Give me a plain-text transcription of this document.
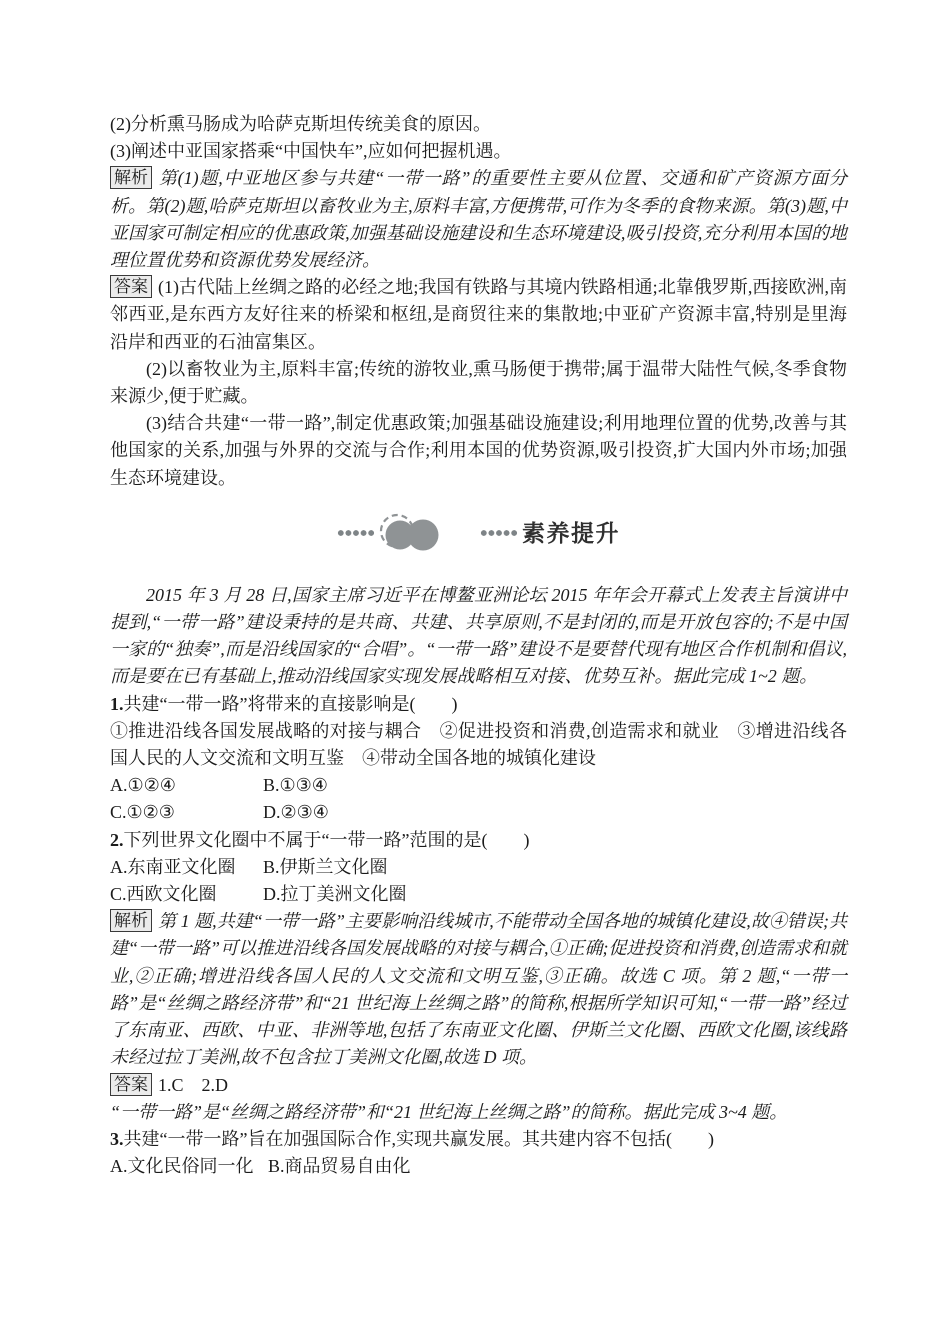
(2)分析熏马肠成为哈萨克斯坦传统美食的原因。

(3)阐述中亚国家搭乘“中国快车”,应如何把握机遇。

解析 第(1)题,中亚地区参与共建“一带一路”的重要性主要从位置、交通和矿产资源方面分析。第(2)题,哈萨克斯坦以畜牧业为主,原料丰富,方便携带,可作为冬季的食物来源。第(3)题,中亚国家可制定相应的优惠政策,加强基础设施建设和生态环境建设,吸引投资,充分利用本国的地理位置优势和资源优势发展经济。

答案 (1)古代陆上丝绸之路的必经之地;我国有铁路与其境内铁路相通;北靠俄罗斯,西接欧洲,南邻西亚,是东西方友好往来的桥梁和枢纽,是商贸往来的集散地;中亚矿产资源丰富,特别是里海沿岸和西亚的石油富集区。

(2)以畜牧业为主,原料丰富;传统的游牧业,熏马肠便于携带;属于温带大陆性气候,冬季食物来源少,便于贮藏。

(3)结合共建“一带一路”,制定优惠政策;加强基础设施建设;利用地理位置的优势,改善与其他国家的关系,加强与外界的交流与合作;利用本国的优势资源,吸引投资,扩大国内外市场;加强生态环境建设。

素养提升

2015 年 3 月 28 日,国家主席习近平在博鳌亚洲论坛 2015 年年会开幕式上发表主旨演讲中提到,“一带一路”建设秉持的是共商、共建、共享原则,不是封闭的,而是开放包容的;不是中国一家的“独奏”,而是沿线国家的“合唱”。“一带一路”建设不是要替代现有地区合作机制和倡议,而是要在已有基础上,推动沿线国家实现发展战略相互对接、优势互补。据此完成 1~2 题。

1.共建“一带一路”将带来的直接影响是(　　)

①推进沿线各国发展战略的对接与耦合　②促进投资和消费,创造需求和就业　③增进沿线各国人民的人文交流和文明互鉴　④带动全国各地的城镇化建设

A.①②④	B.①③④

C.①②③	D.②③④

2.下列世界文化圈中不属于“一带一路”范围的是(　　)

A.东南亚文化圈 B.伊斯兰文化圈

C.西欧文化圈	D.拉丁美洲文化圈

解析 第 1 题,共建“一带一路”主要影响沿线城市,不能带动全国各地的城镇化建设,故④错误;共建“一带一路”可以推进沿线各国发展战略的对接与耦合,①正确;促进投资和消费,创造需求和就业,②正确;增进沿线各国人民的人文交流和文明互鉴,③正确。故选 C 项。第 2 题,“一带一路”是“丝绸之路经济带”和“21 世纪海上丝绸之路”的简称,根据所学知识可知,“一带一路”经过了东南亚、西欧、中亚、非洲等地,包括了东南亚文化圈、伊斯兰文化圈、西欧文化圈,该线路未经过拉丁美洲,故不包含拉丁美洲文化圈,故选 D 项。

答案 1.C　2.D

“一带一路”是“丝绸之路经济带”和“21 世纪海上丝绸之路”的简称。据此完成 3~4 题。

3.共建“一带一路”旨在加强国际合作,实现共赢发展。其共建内容不包括(　　)

A.文化民俗同一化 B.商品贸易自由化
